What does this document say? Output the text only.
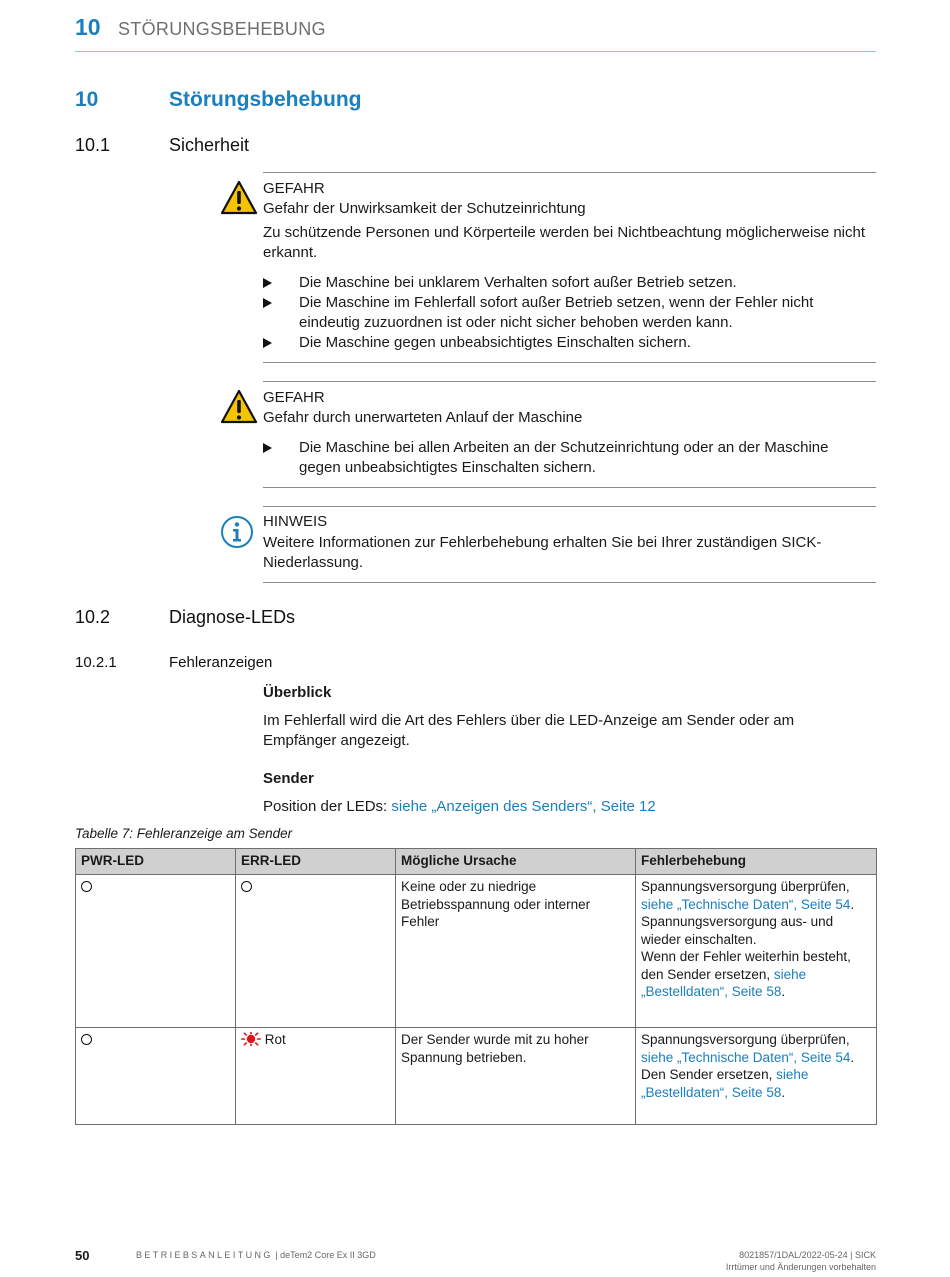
10 STÖRUNGSBEHEBUNG
10	Störungsbehebung
10.1	Sicherheit
GEFAHR
Gefahr der Unwirksamkeit der Schutzeinrichtung
Zu schützende Personen und Körperteile werden bei Nichtbeachtung möglicherweise nicht erkannt.
Die Maschine bei unklarem Verhalten sofort außer Betrieb setzen.
Die Maschine im Fehlerfall sofort außer Betrieb setzen, wenn der Fehler nicht eindeutig zuzuordnen ist oder nicht sicher behoben werden kann.
Die Maschine gegen unbeabsichtigtes Einschalten sichern.
GEFAHR
Gefahr durch unerwarteten Anlauf der Maschine
Die Maschine bei allen Arbeiten an der Schutzeinrichtung oder an der Maschine gegen unbeabsichtigtes Einschalten sichern.
HINWEIS
Weitere Informationen zur Fehlerbehebung erhalten Sie bei Ihrer zuständigen SICK-Niederlassung.
10.2	Diagnose-LEDs
10.2.1	Fehleranzeigen
Überblick
Im Fehlerfall wird die Art des Fehlers über die LED-Anzeige am Sender oder am Empfänger angezeigt.
Sender
Position der LEDs: siehe „Anzeigen des Senders“, Seite 12
Tabelle 7: Fehleranzeige am Sender
PWR-LED	ERR-LED	Mögliche Ursache	Fehlerbehebung
		Keine oder zu niedrige Betriebsspannung oder interner Fehler	Spannungsversorgung überprüfen,
siehe „Technische Daten“, Seite 54.
Spannungsversorgung aus- und wieder einschalten.
Wenn der Fehler weiterhin besteht, den Sender ersetzen, siehe „Bestelldaten“, Seite 58.
	Rot	Der Sender wurde mit zu hoher Spannung betrieben.	Spannungsversorgung überprüfen,
siehe „Technische Daten“, Seite 54.
Den Sender ersetzen, siehe „Bestelldaten“, Seite 58.
50	BETRIEBSANLEITUNG | deTem2 Core Ex II 3GD	8021857/1DAL/2022-05-24 | SICK
Irrtümer und Änderungen vorbehalten
